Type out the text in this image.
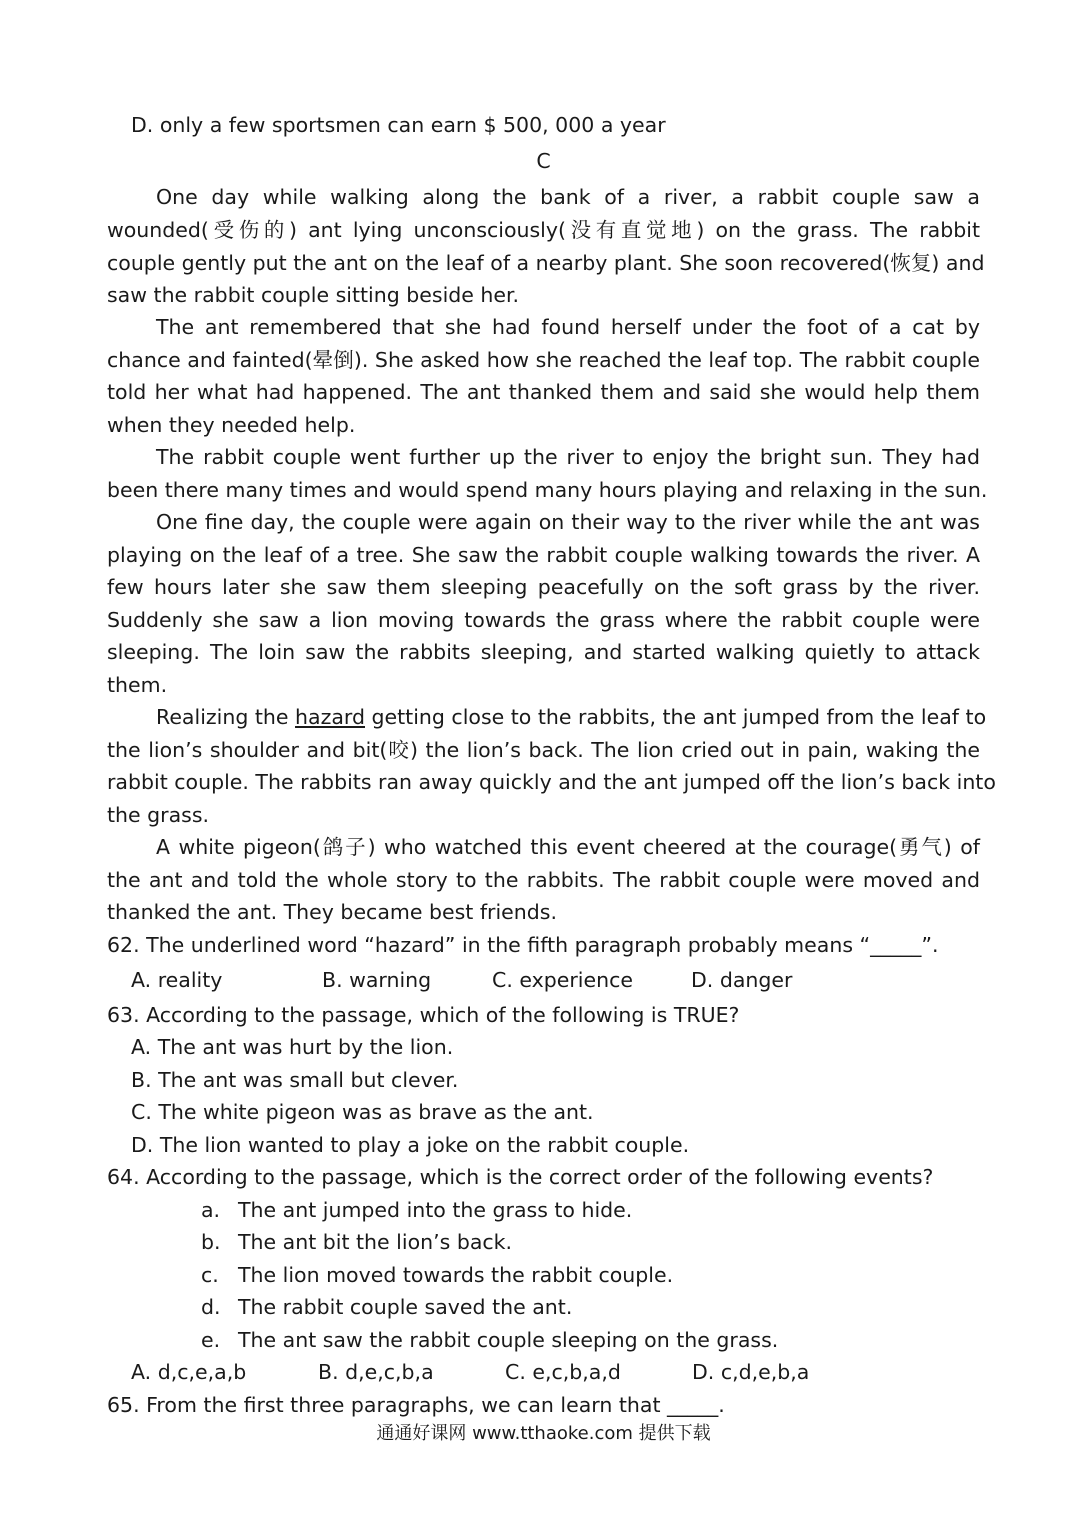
D. only a few sportsmen can earn $ 500, 000 a year
C
One day while walking along the bank of a river, a rabbit couple saw a
wounded(受伤的) ant lying unconsciously(没有直觉地) on the grass. The rabbit
couple gently put the ant on the leaf of a nearby plant. She soon recovered(恢复) and
saw the rabbit couple sitting beside her.
The ant remembered that she had found herself under the foot of a cat by
chance and fainted(晕倒). She asked how she reached the leaf top. The rabbit couple
told her what had happened. The ant thanked them and said she would help them
when they needed help.
The rabbit couple went further up the river to enjoy the bright sun. They had
been there many times and would spend many hours playing and relaxing in the sun.
One fine day, the couple were again on their way to the river while the ant was
playing on the leaf of a tree. She saw the rabbit couple walking towards the river. A
few hours later she saw them sleeping peacefully on the soft grass by the river.
Suddenly she saw a lion moving towards the grass where the rabbit couple were
sleeping. The loin saw the rabbits sleeping, and started walking quietly to attack
them.
Realizing the hazard getting close to the rabbits, the ant jumped from the leaf to
the lion’s shoulder and bit(咬) the lion’s back. The lion cried out in pain, waking the
rabbit couple. The rabbits ran away quickly and the ant jumped off the lion’s back into
the grass.
A white pigeon(鸽子) who watched this event cheered at the courage(勇气) of
the ant and told the whole story to the rabbits. The rabbit couple were moved and
thanked the ant. They became best friends.
62. The underlined word “hazard” in the fifth paragraph probably means “_____”.
A. reality	B. warning	C. experience	D. danger
63. According to the passage, which of the following is TRUE?
A. The ant was hurt by the lion.
B. The ant was small but clever.
C. The white pigeon was as brave as the ant.
D. The lion wanted to play a joke on the rabbit couple.
64. According to the passage, which is the correct order of the following events?
a. The ant jumped into the grass to hide.
b. The ant bit the lion’s back.
c. The lion moved towards the rabbit couple.
d. The rabbit couple saved the ant.
e. The ant saw the rabbit couple sleeping on the grass.
A. d,c,e,a,b	B. d,e,c,b,a	C. e,c,b,a,d	D. c,d,e,b,a
65. From the first three paragraphs, we can learn that _____.
通通好课网 www.tthaoke.com 提供下载
